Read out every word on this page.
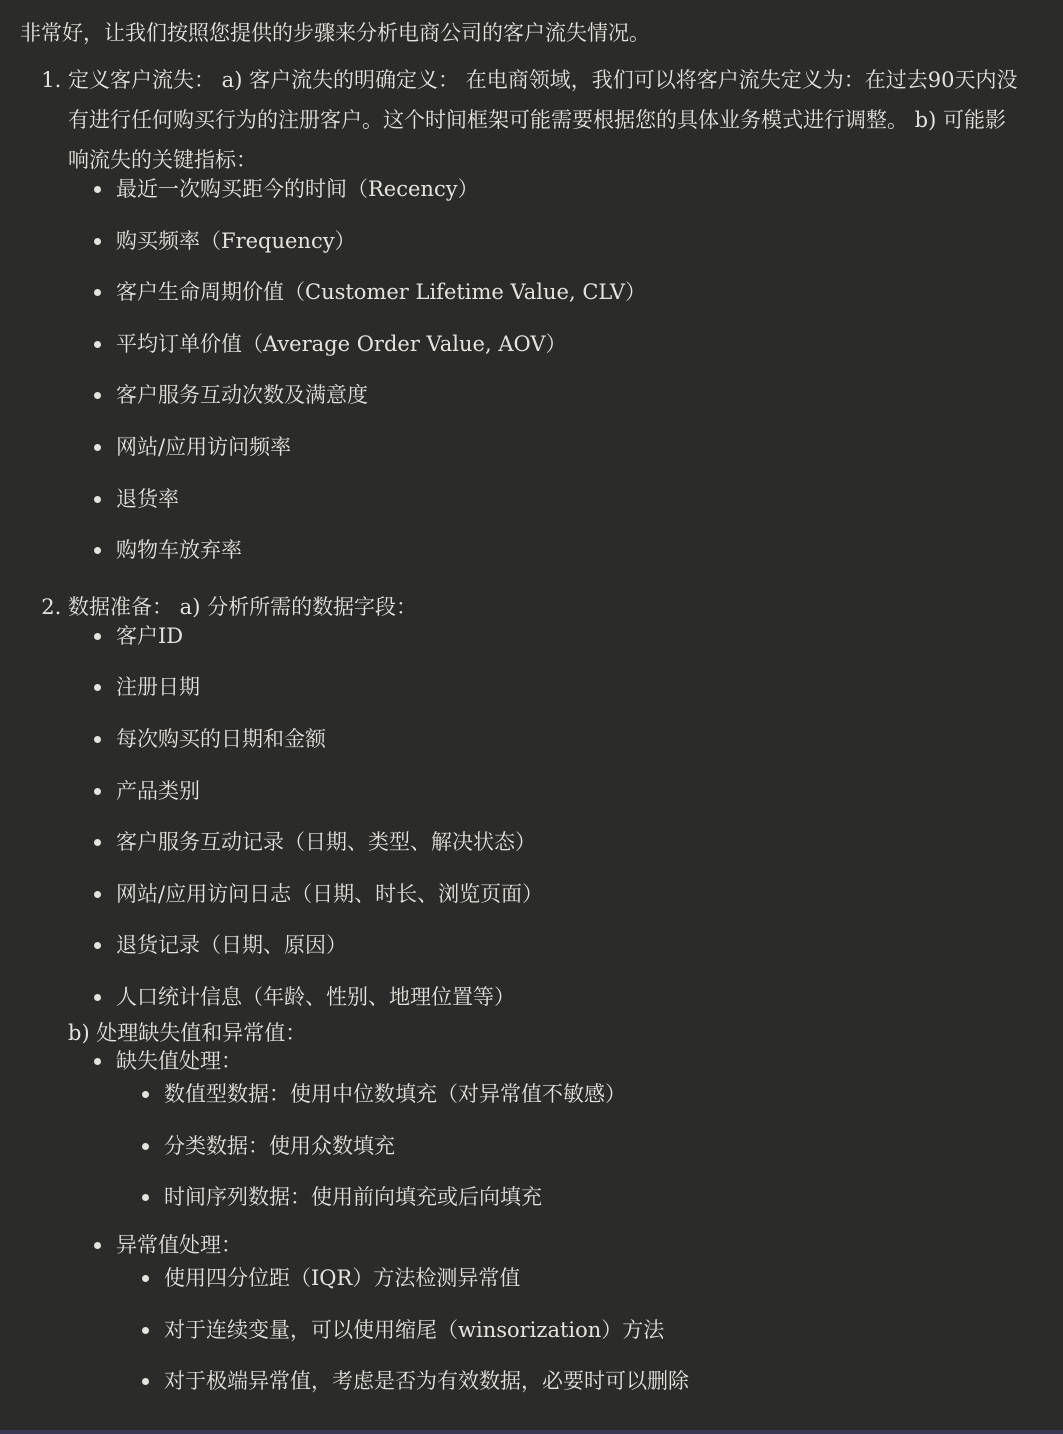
非常好，让我们按照您提供的步骤来分析电商公司的客户流失情况。

1. 定义客户流失： a) 客户流失的明确定义： 在电商领域，我们可以将客户流失定义为：在过去90天内没有进行任何购买行为的注册客户。这个时间框架可能需要根据您的具体业务模式进行调整。 b) 可能影响流失的关键指标：
最近一次购买距今的时间（Recency）
购买频率（Frequency）
客户生命周期价值（Customer Lifetime Value, CLV）
平均订单价值（Average Order Value, AOV）
客户服务互动次数及满意度
网站/应用访问频率
退货率
购物车放弃率
2. 数据准备： a) 分析所需的数据字段：
客户ID
注册日期
每次购买的日期和金额
产品类别
客户服务互动记录（日期、类型、解决状态）
网站/应用访问日志（日期、时长、浏览页面）
退货记录（日期、原因）
人口统计信息（年龄、性别、地理位置等）
b) 处理缺失值和异常值：
缺失值处理：
数值型数据：使用中位数填充（对异常值不敏感）
分类数据：使用众数填充
时间序列数据：使用前向填充或后向填充
异常值处理：
使用四分位距（IQR）方法检测异常值
对于连续变量，可以使用缩尾（winsorization）方法
对于极端异常值，考虑是否为有效数据，必要时可以删除
